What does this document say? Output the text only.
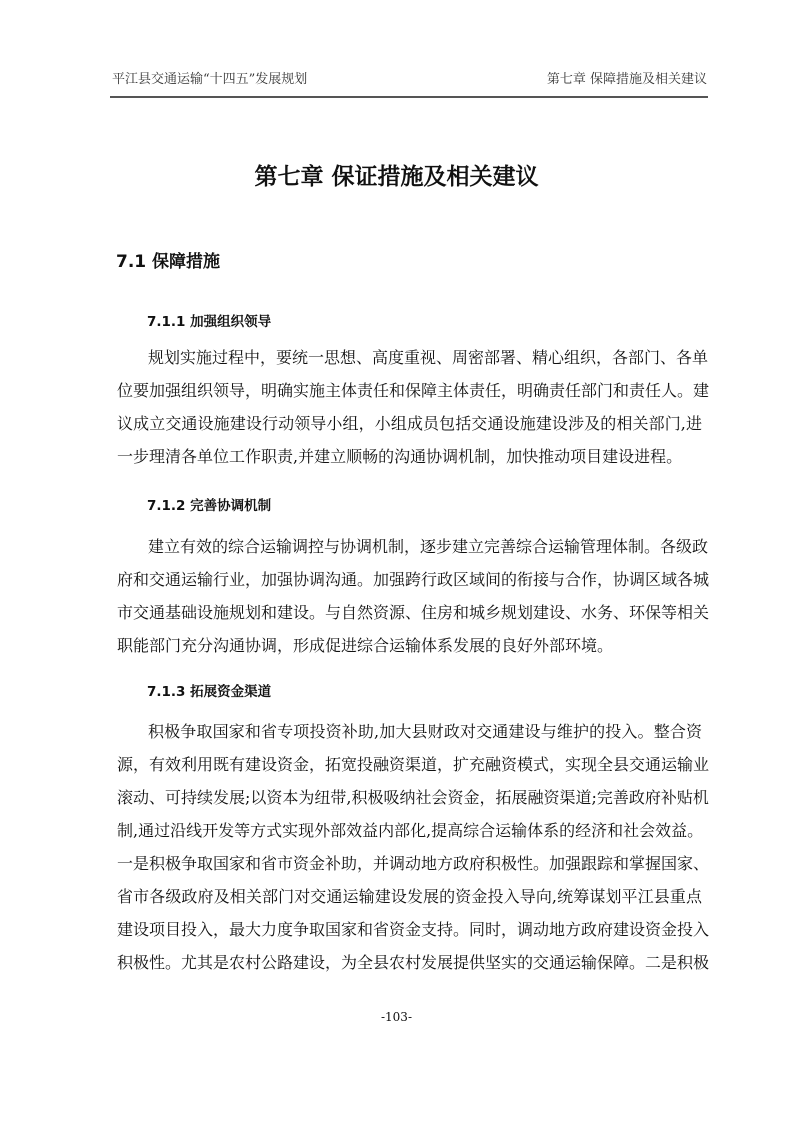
平江县交通运输“十四五”发展规划	第七章 保障措施及相关建议
第七章 保证措施及相关建议
7.1 保障措施
7.1.1 加强组织领导
规划实施过程中，要统一思想、高度重视、周密部署、精心组织，各部门、各单
位要加强组织领导，明确实施主体责任和保障主体责任，明确责任部门和责任人。建
议成立交通设施建设行动领导小组，小组成员包括交通设施建设涉及的相关部门,进
一步理清各单位工作职责,并建立顺畅的沟通协调机制，加快推动项目建设进程。
7.1.2 完善协调机制
建立有效的综合运输调控与协调机制，逐步建立完善综合运输管理体制。各级政
府和交通运输行业，加强协调沟通。加强跨行政区域间的衔接与合作，协调区域各城
市交通基础设施规划和建设。与自然资源、住房和城乡规划建设、水务、环保等相关
职能部门充分沟通协调，形成促进综合运输体系发展的良好外部环境。
7.1.3 拓展资金渠道
积极争取国家和省专项投资补助,加大县财政对交通建设与维护的投入。整合资
源，有效利用既有建设资金，拓宽投融资渠道，扩充融资模式，实现全县交通运输业
滚动、可持续发展;以资本为纽带,积极吸纳社会资金，拓展融资渠道;完善政府补贴机
制,通过沿线开发等方式实现外部效益内部化,提高综合运输体系的经济和社会效益。
一是积极争取国家和省市资金补助，并调动地方政府积极性。加强跟踪和掌握国家、
省市各级政府及相关部门对交通运输建设发展的资金投入导向,统筹谋划平江县重点
建设项目投入，最大力度争取国家和省资金支持。同时，调动地方政府建设资金投入
积极性。尤其是农村公路建设，为全县农村发展提供坚实的交通运输保障。二是积极
-103-
